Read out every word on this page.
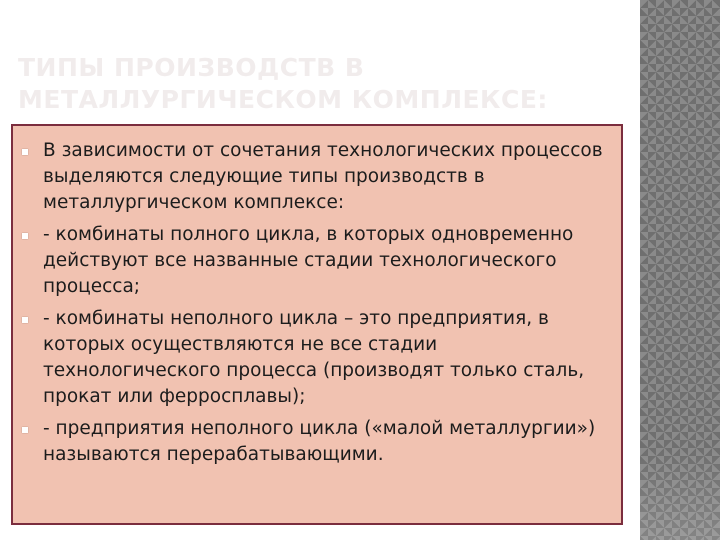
ТИПЫ ПРОИЗВОДСТВ В МЕТАЛЛУРГИЧЕСКОМ КОМПЛЕКСЕ:
В зависимости от сочетания технологических процессов выделяются следующие типы производств в металлургическом комплексе:
- комбинаты полного цикла, в которых одновременно действуют все названные стадии технологического процесса;
- комбинаты неполного цикла – это предприятия, в которых осуществляются не все стадии технологического процесса (производят только сталь, прокат или ферросплавы);
- предприятия неполного цикла («малой металлургии») называются перерабатывающими.
